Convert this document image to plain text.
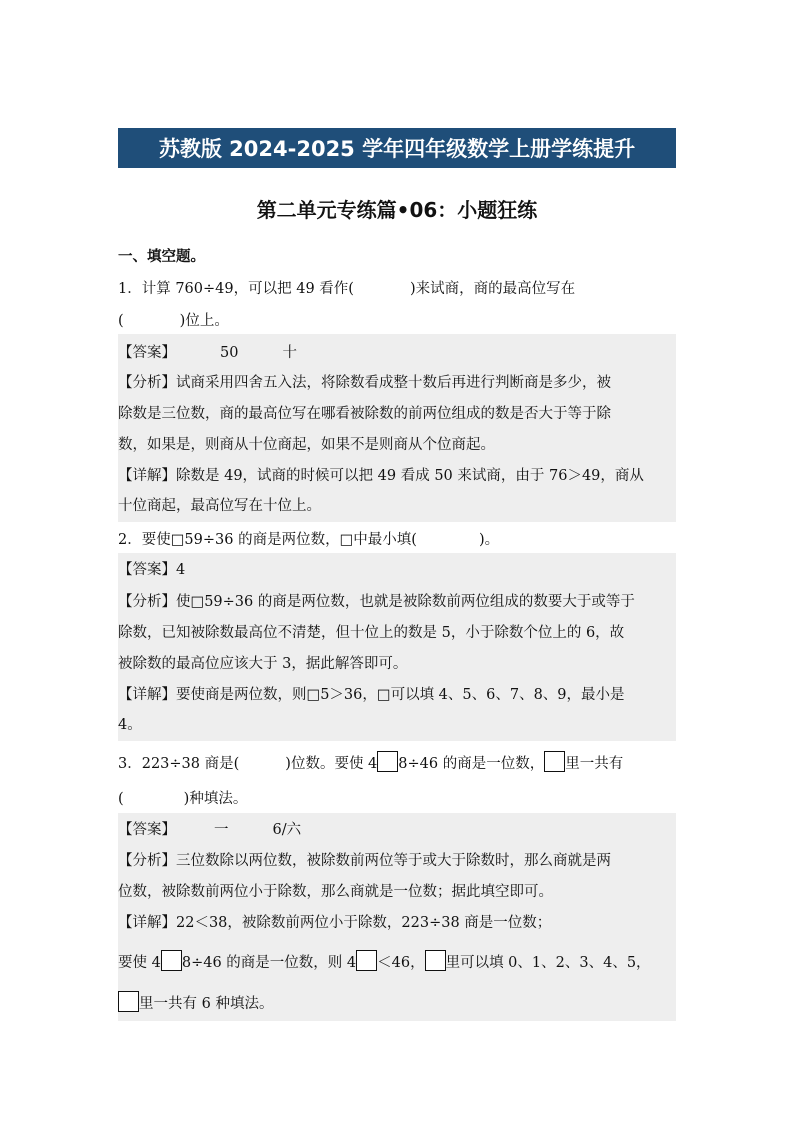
苏教版 2024-2025 学年四年级数学上册学练提升
第二单元专练篇•06：小题狂练
一、填空题。
1．计算 760÷49，可以把 49 看作(	)来试商，商的最高位写在
(	)位上。
【答案】	50	十
【分析】试商采用四舍五入法，将除数看成整十数后再进行判断商是多少，被
除数是三位数，商的最高位写在哪看被除数的前两位组成的数是否大于等于除
数，如果是，则商从十位商起，如果不是则商从个位商起。
【详解】除数是 49，试商的时候可以把 49 看成 50 来试商，由于 76＞49，商从
十位商起，最高位写在十位上。
2．要使□59÷36 的商是两位数，□中最小填(	)。
【答案】4
【分析】使□59÷36 的商是两位数，也就是被除数前两位组成的数要大于或等于
除数，已知被除数最高位不清楚，但十位上的数是 5，小于除数个位上的 6，故
被除数的最高位应该大于 3，据此解答即可。
【详解】要使商是两位数，则□5＞36，□可以填 4、5、6、7、8、9，最小是
4。
3．223÷38 商是(	)位数。要使 4 8÷46 的商是一位数， 里一共有
(	)种填法。
【答案】	一	6/六
【分析】三位数除以两位数，被除数前两位等于或大于除数时，那么商就是两
位数，被除数前两位小于除数，那么商就是一位数；据此填空即可。
【详解】22＜38，被除数前两位小于除数，223÷38 商是一位数；
要使 4 8÷46 的商是一位数，则 4 ＜46， 里可以填 0、1、2、3、4、5，
里一共有 6 种填法。
